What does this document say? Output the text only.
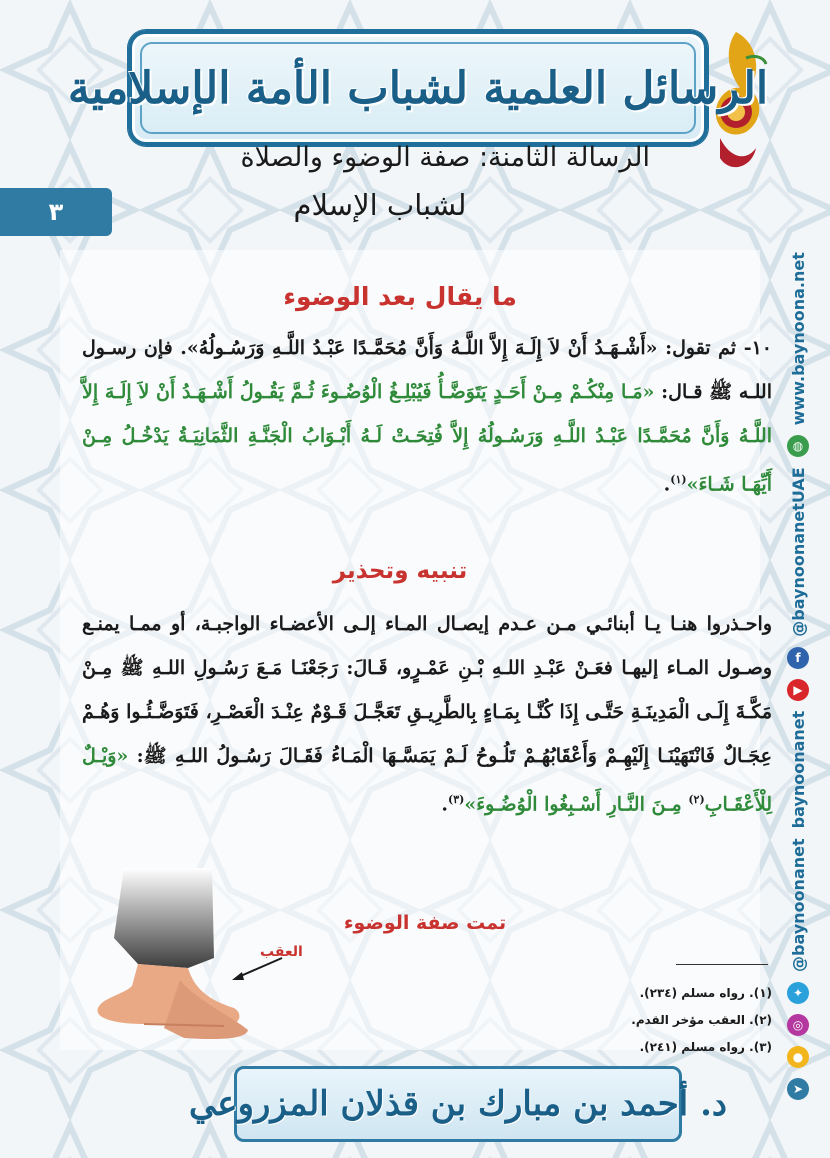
الرسائل العلمية لشباب الأمة الإسلامية
الرسالة الثامنة: صفة الوضوء والصلاة
لشباب الإسلام
٣
➤
●
◎
✦
@baynoonanet
baynoonanet
▶
f
@baynoonanetUAE
◍
www.baynoona.net
ما يقال بعد الوضوء
١٠- ثم تقول: «أَشْـهَـدُ أَنْ لاَ إِلَـهَ إِلاَّ اللَّـهُ وَأَنَّ مُحَمَّـدًا عَبْـدُ اللَّـهِ وَرَسُـولُهُ». فإن رسـول اللـه ﷺ قـال: «مَـا مِنْكُـمْ مِـنْ أَحَـدٍ يَتَوَضَّـأُ فَيُبْلِـغُ الْوُضُـوءَ ثُـمَّ يَقُـولُ أَشْـهَـدُ أَنْ لاَ إِلَـهَ إِلاَّ اللَّـهُ وَأَنَّ مُحَمَّـدًا عَبْـدُ اللَّـهِ وَرَسُـولُهُ إِلاَّ فُتِحَـتْ لَـهُ أَبْـوَابُ الْجَنَّـةِ الثَّمَانِيَـةُ يَدْخُـلُ مِـنْ أَيِّهَـا شَـاءَ»$^{(١)}$.
تنبيه وتحذير
واحـذروا هنـا يـا أبنائـي مـن عـدم إيصـال المـاء إلـى الأعضـاء الواجبـة، أو ممـا يمنـع وصـول المـاء إليهـا فعَـنْ عَبْـدِ اللـهِ بْـنِ عَمْـرٍو، قَـالَ: رَجَعْنَـا مَـعَ رَسُـولِ اللـهِ ﷺ مِـنْ مَكَّـةَ إِلَـى الْمَدِينَـةِ حَتَّـى إِذَا كُنَّـا بِمَـاءٍ بِالطَّرِيـقِ تَعَجَّـلَ قَـوْمٌ عِنْـدَ الْعَصْـرِ، فَتَوَضَّـئُـوا وَهُـمْ عِجَـالٌ فَانْتَهَيْنَـا إِلَيْهِـمْ وَأَعْقَابُهُـمْ تَلُـوحُ لَـمْ يَمَسَّـهَا الْمَـاءُ فَقَـالَ رَسُـولُ اللـهِ ﷺ: «وَيْـلٌ لِلْأَعْقَـابِ$^{(٢)}$ مِـنَ النَّـارِ أَسْـبِغُوا الْوُضُـوءَ»$^{(٣)}$.
تمت صفة الوضوء
العقب
(١). رواه مسلم (٢٣٤).
(٢). العقب مؤخر القدم.
(٣). رواه مسلم (٢٤١).
د. أحمد بن مبارك بن قذلان المزروعي
